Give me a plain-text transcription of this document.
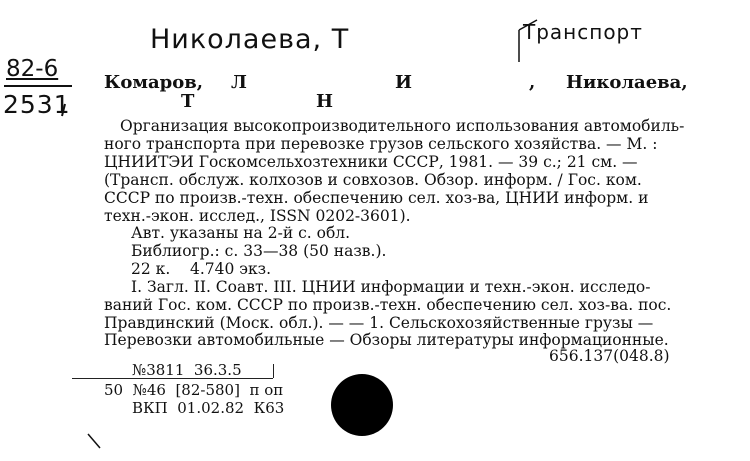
Николаева, Т	Транспорт
82-6
2531
Комаров, Л	И	, Николаева,
Т	Н
Организация высокопроизводительного использования автомобиль-
ного транспорта при перевозке грузов сельского хозяйства. — М. :
ЦНИИТЭИ Госкомсельхозтехники СССР, 1981. — 39 с.; 21 см. —
(Трансп. обслуж. колхозов и совхозов. Обзор. информ. / Гос. ком.
СССР по произв.-техн. обеспечению сел. хоз-ва, ЦНИИ информ. и
техн.-экон. исслед., ISSN 0202-3601).
Авт. указаны на 2-й с. обл.
Библиогр.: с. 33—38 (50 назв.).
22 к.    4.740 экз.
I. Загл. II. Соавт. III. ЦНИИ информации и техн.-экон. исследо-
ваний Гос. ком. СССР по произв.-техн. обеспечению сел. хоз-ва. пос.
Правдинский (Моск. обл.). — — 1. Сельскохозяйственные грузы —
Перевозки автомобильные — Обзоры литературы информационные.
656.137(048.8)
№3811  36.3.5
50  №46  [82-580]  п оп
ВКП  01.02.82  К63
